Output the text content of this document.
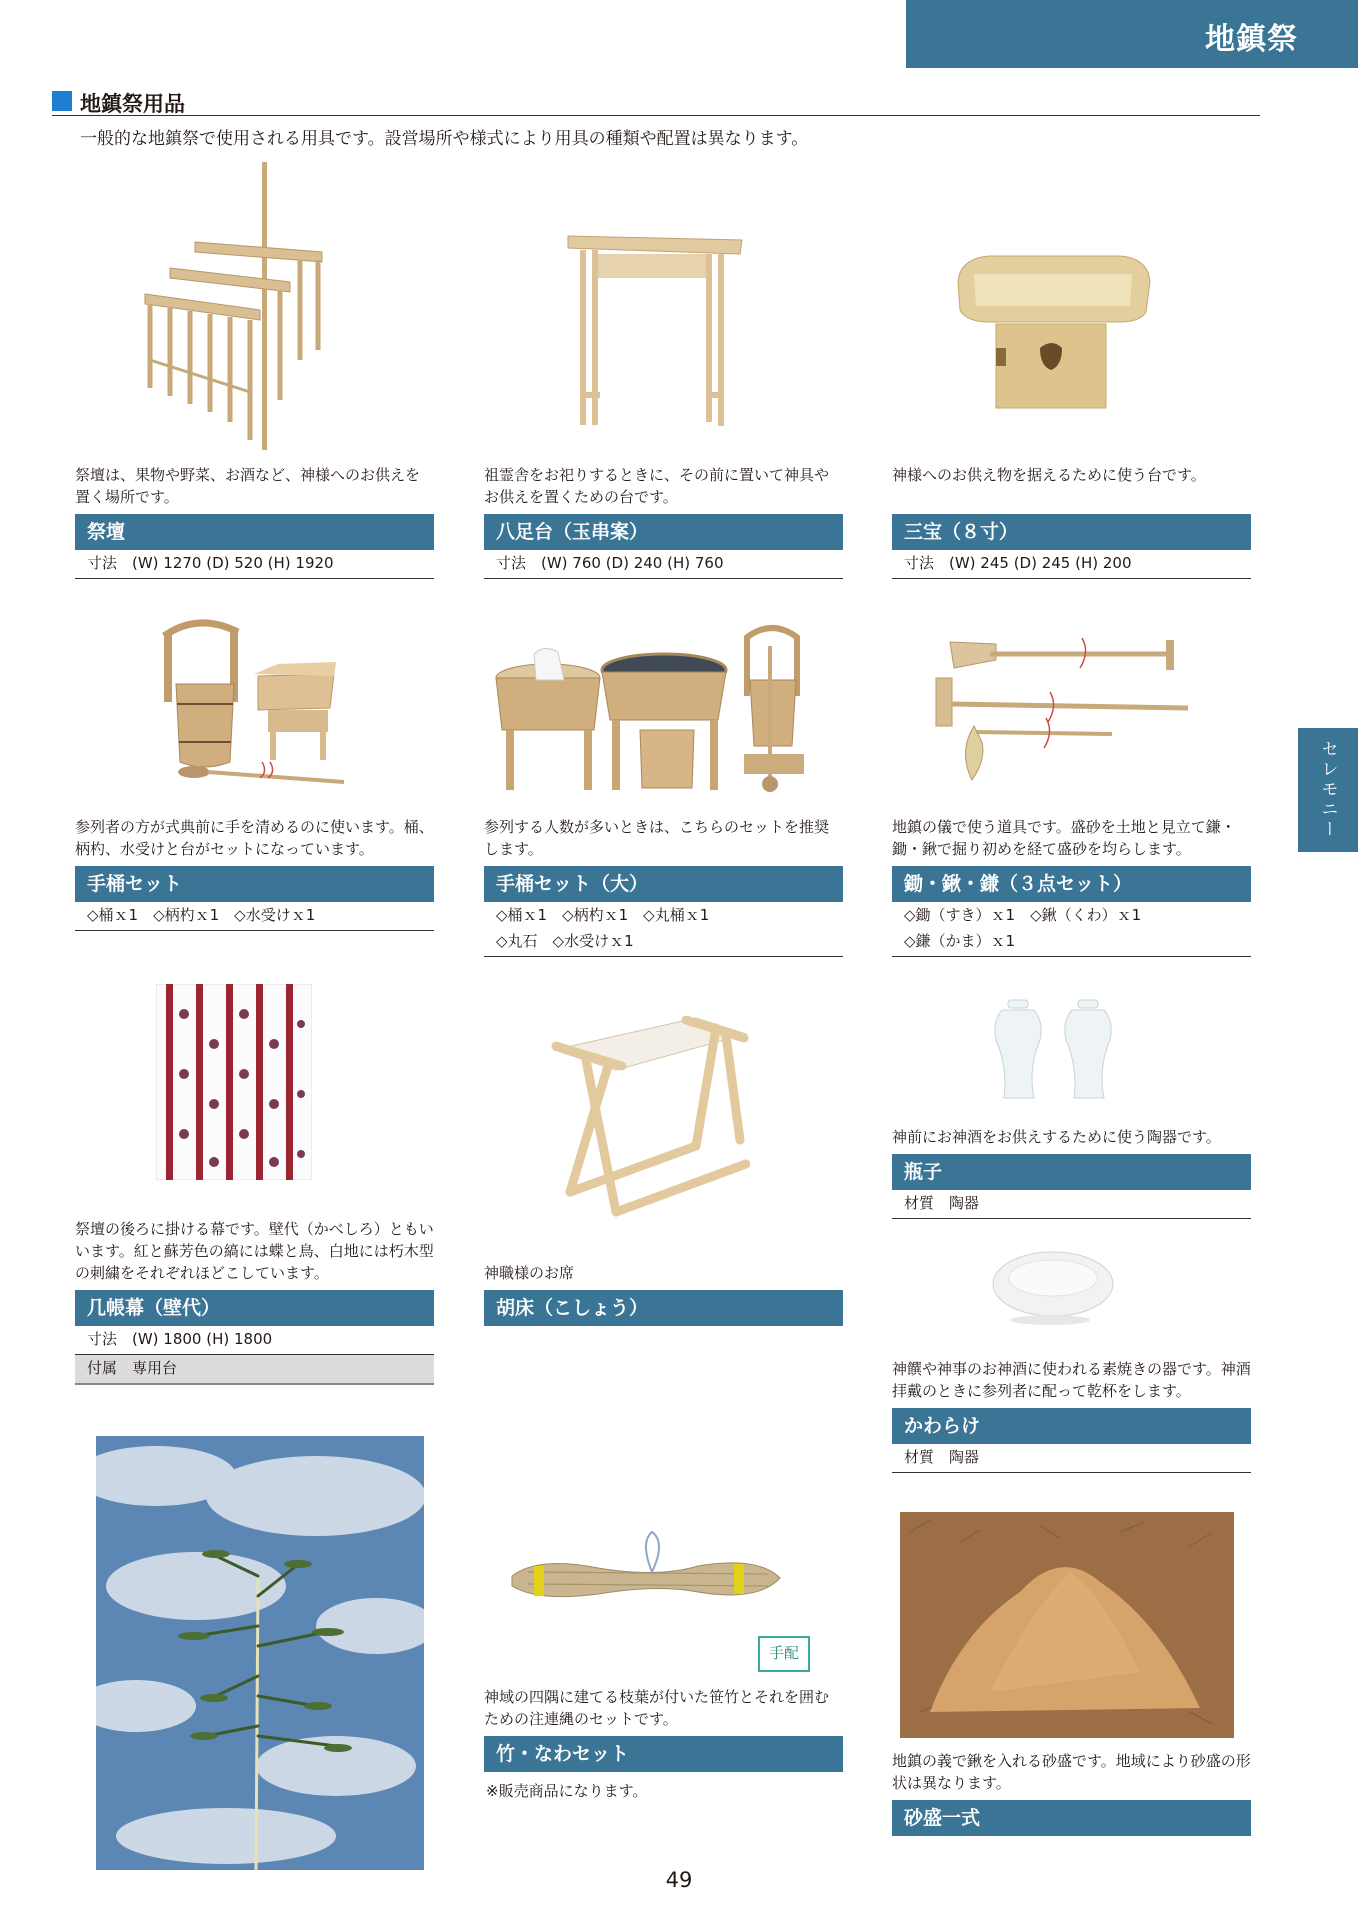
地鎮祭
セレモニー
地鎮祭用品
一般的な地鎮祭で使用される用具です。設営場所や様式により用具の種類や配置は異なります。
手配
祭壇は、果物や野菜、お酒など、神様へのお供えを置く場所です。
祭壇
寸法　(W) 1270 (D) 520 (H) 1920
祖霊舎をお祀りするときに、その前に置いて神具やお供えを置くための台です。
八足台（玉串案）
寸法　(W) 760 (D) 240 (H) 760
神様へのお供え物を据えるために使う台です。
三宝（８寸）
寸法　(W) 245 (D) 245 (H) 200
参列者の方が式典前に手を清めるのに使います。桶、柄杓、水受けと台がセットになっています。
手桶セット
◇桶ｘ1　◇柄杓ｘ1　◇水受けｘ1
参列する人数が多いときは、こちらのセットを推奨します。
手桶セット（大）
◇桶ｘ1　◇柄杓ｘ1　◇丸桶ｘ1
◇丸石　◇水受けｘ1
地鎮の儀で使う道具です。盛砂を土地と見立て鎌・鋤・鍬で掘り初めを経て盛砂を均らします。
鋤・鍬・鎌（３点セット）
◇鋤（すき）ｘ1　◇鍬（くわ）ｘ1
◇鎌（かま）ｘ1
祭壇の後ろに掛ける幕です。壁代（かべしろ）ともいいます。紅と蘇芳色の縞には蝶と鳥、白地には朽木型の刺繍をそれぞれほどこしています。
几帳幕（壁代）
寸法　(W) 1800 (H) 1800
付属　専用台
神職様のお席
胡床（こしょう）
神前にお神酒をお供えするために使う陶器です。
瓶子
材質　陶器
神饌や神事のお神酒に使われる素焼きの器です。神酒拝戴のときに参列者に配って乾杯をします。
かわらけ
材質　陶器
神域の四隅に建てる枝葉が付いた笹竹とそれを囲むための注連縄のセットです。
竹・なわセット
※販売商品になります。
地鎮の義で鍬を入れる砂盛です。地域により砂盛の形状は異なります。
砂盛一式
49
